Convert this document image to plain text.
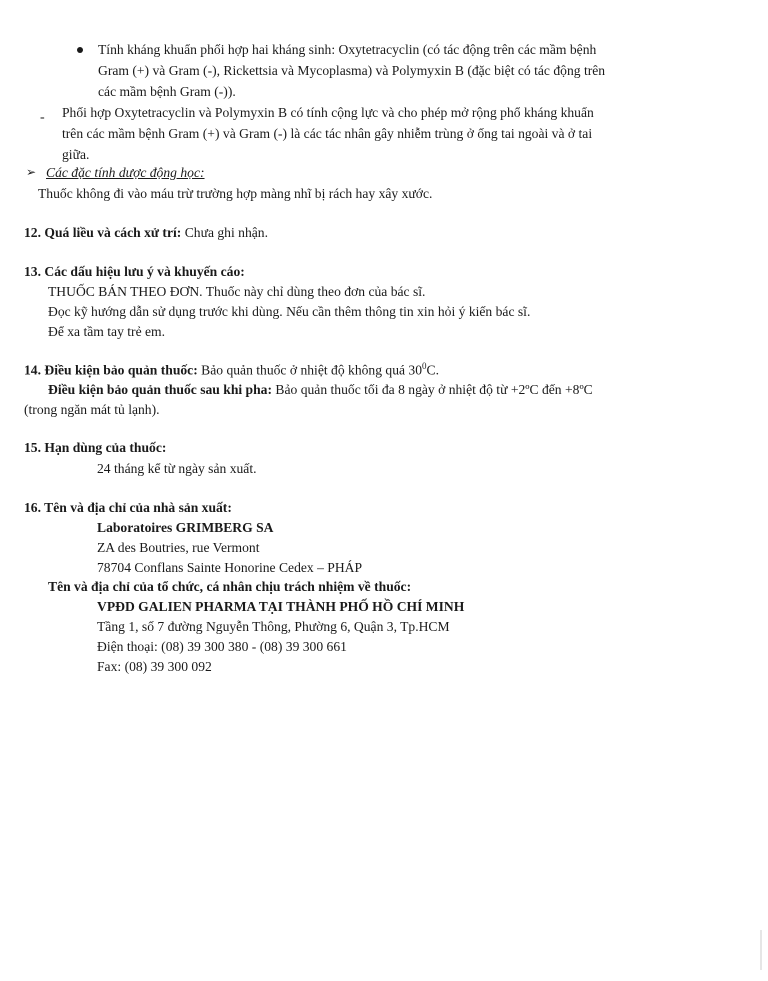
Tính kháng khuẩn phối hợp hai kháng sinh: Oxytetracyclin (có tác động trên các mầm bệnh
Gram (+) và Gram (-), Rickettsia và Mycoplasma) và Polymyxin B (đặc biệt có tác động trên
các mầm bệnh Gram (-)).
- Phối hợp Oxytetracyclin và Polymyxin B có tính cộng lực và cho phép mở rộng phổ kháng khuẩn
trên các mầm bệnh Gram (+) và Gram (-) là các tác nhân gây nhiễm trùng ở ống tai ngoài và ở tai
giữa.
➢ Các đặc tính dược động học:
Thuốc không đi vào máu trừ trường hợp màng nhĩ bị rách hay xây xước.
12. Quá liều và cách xử trí: Chưa ghi nhận.
13. Các dấu hiệu lưu ý và khuyến cáo:
THUỐC BÁN THEO ĐƠN. Thuốc này chỉ dùng theo đơn của bác sĩ.
Đọc kỹ hướng dẫn sử dụng trước khi dùng. Nếu cần thêm thông tin xin hỏi ý kiến bác sĩ.
Để xa tầm tay trẻ em.
14. Điều kiện bảo quản thuốc: Bảo quản thuốc ở nhiệt độ không quá $30^0C$.
Điều kiện bảo quản thuốc sau khi pha: Bảo quản thuốc tối đa 8 ngày ở nhiệt độ từ +2ºC đến +8ºC
(trong ngăn mát tủ lạnh).
15. Hạn dùng của thuốc:
24 tháng kể từ ngày sản xuất.
16. Tên và địa chỉ của nhà sản xuất:
Laboratoires GRIMBERG SA
ZA des Boutries, rue Vermont
78704 Conflans Sainte Honorine Cedex – PHÁP
Tên và địa chỉ của tổ chức, cá nhân chịu trách nhiệm về thuốc:
VPĐD GALIEN PHARMA TẠI THÀNH PHỐ HỒ CHÍ MINH
Tầng 1, số 7 đường Nguyễn Thông, Phường 6, Quận 3, Tp.HCM
Điện thoại: (08) 39 300 380 - (08) 39 300 661
Fax: (08) 39 300 092
